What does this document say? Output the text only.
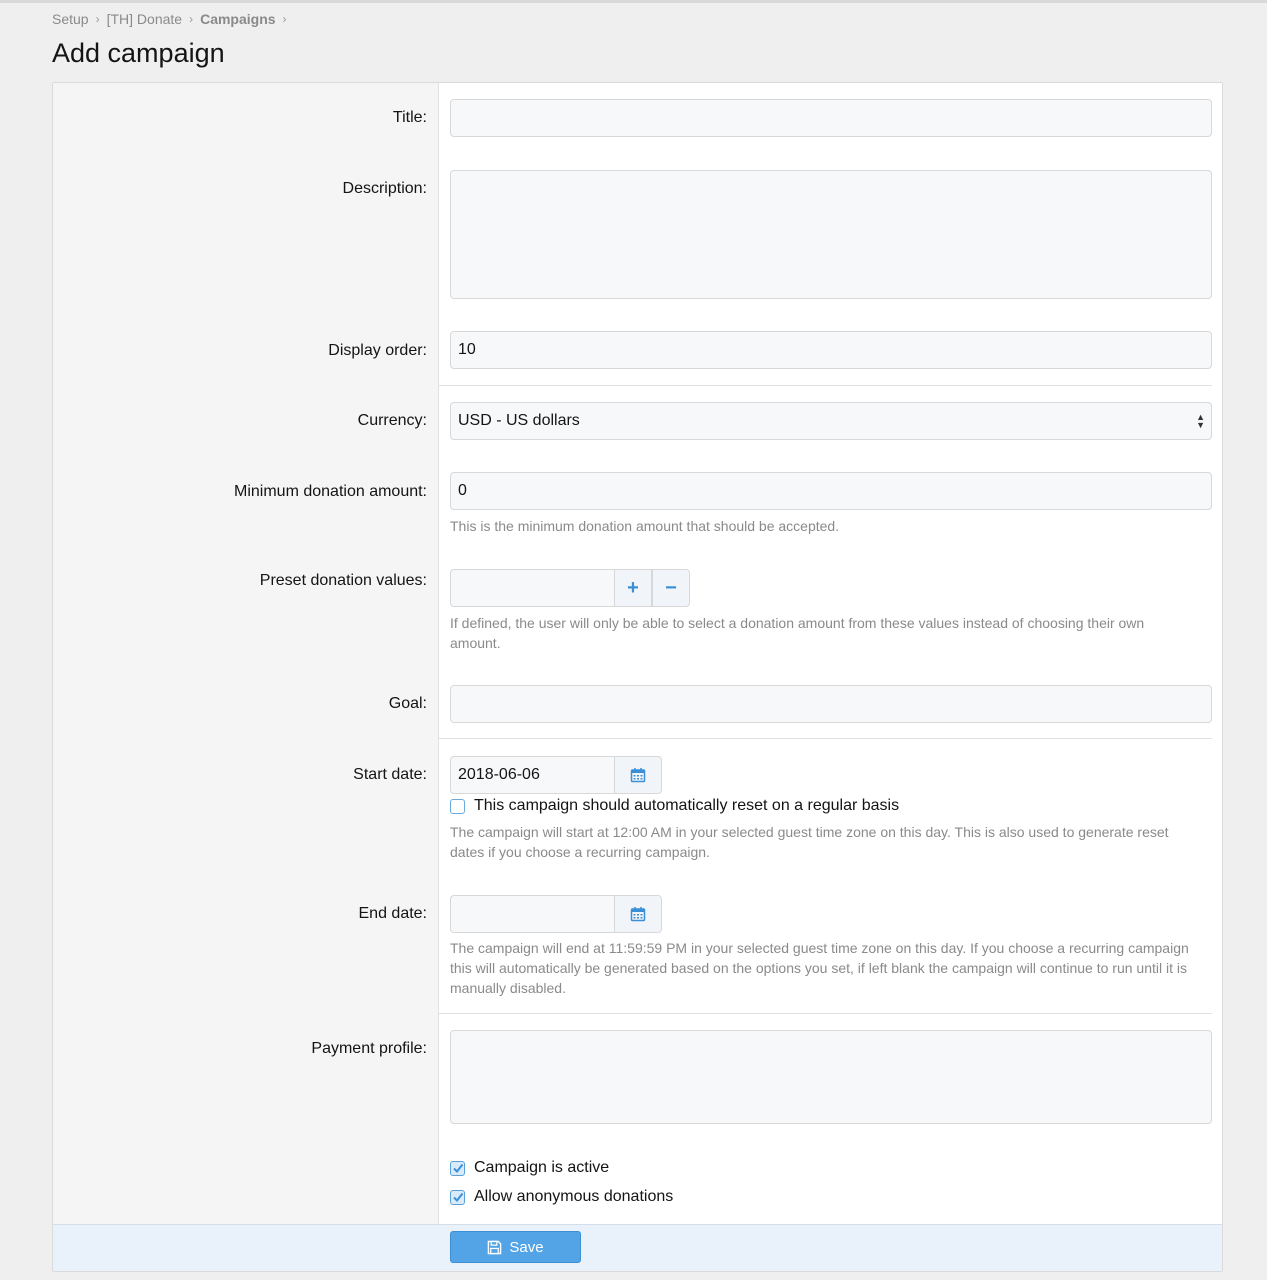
Setup › [TH] Donate › Campaigns ›
Add campaign
Title:
Description:
Display order:	10
Currency: USD - US dollars	▲
▼
Minimum donation amount:	0
This is the minimum donation amount that should be accepted.
Preset donation values:	+	−
If defined, the user will only be able to select a donation amount from these values instead of choosing their own amount.
Goal:
Start date:	2018-06-06
This campaign should automatically reset on a regular basis
The campaign will start at 12:00 AM in your selected guest time zone on this day. This is also used to generate reset dates if you choose a recurring campaign.
End date:
The campaign will end at 11:59:59 PM in your selected guest time zone on this day. If you choose a recurring campaign this will automatically be generated based on the options you set, if left blank the campaign will continue to run until it is manually disabled.
Payment profile:
Campaign is active
Allow anonymous donations
Save
